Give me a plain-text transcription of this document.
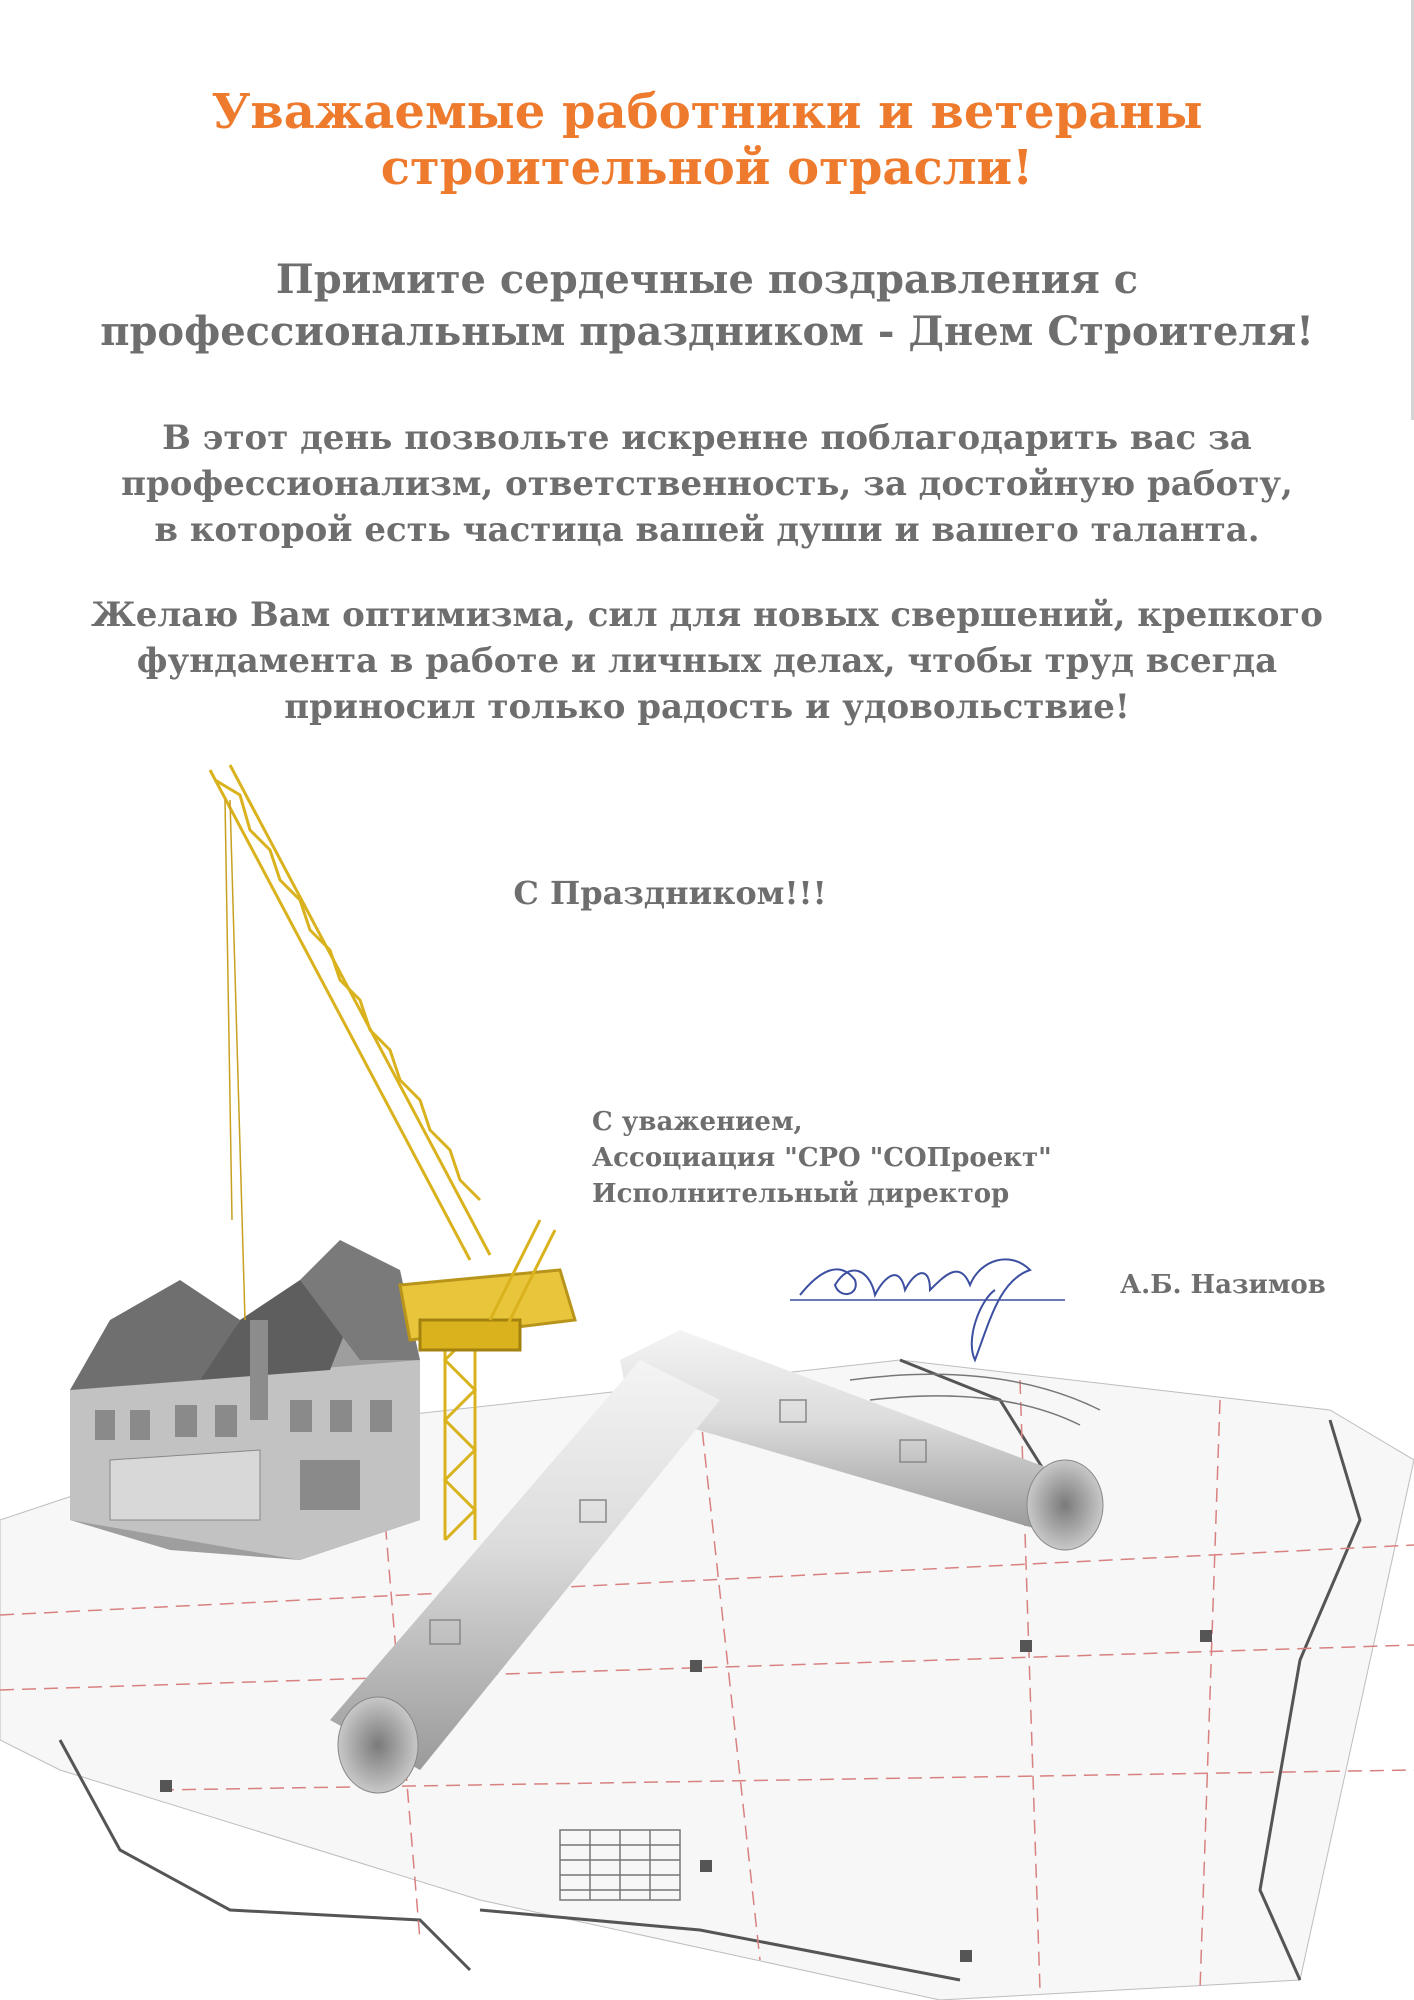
Уважаемые работники и ветераны
строительной отрасли!
Примите сердечные поздравления с
профессиональным праздником - Днем Строителя!
В этот день позвольте искренне поблагодарить вас за
профессионализм, ответственность, за достойную работу,
в которой есть частица вашей души и вашего таланта.
Желаю Вам оптимизма, сил для новых свершений, крепкого
фундамента в работе и личных делах, чтобы труд всегда
приносил только радость и удовольствие!
С Праздником!!!
С уважением,
Ассоциация "СРО "СОПроект"
Исполнительный директор
А.Б. Назимов
